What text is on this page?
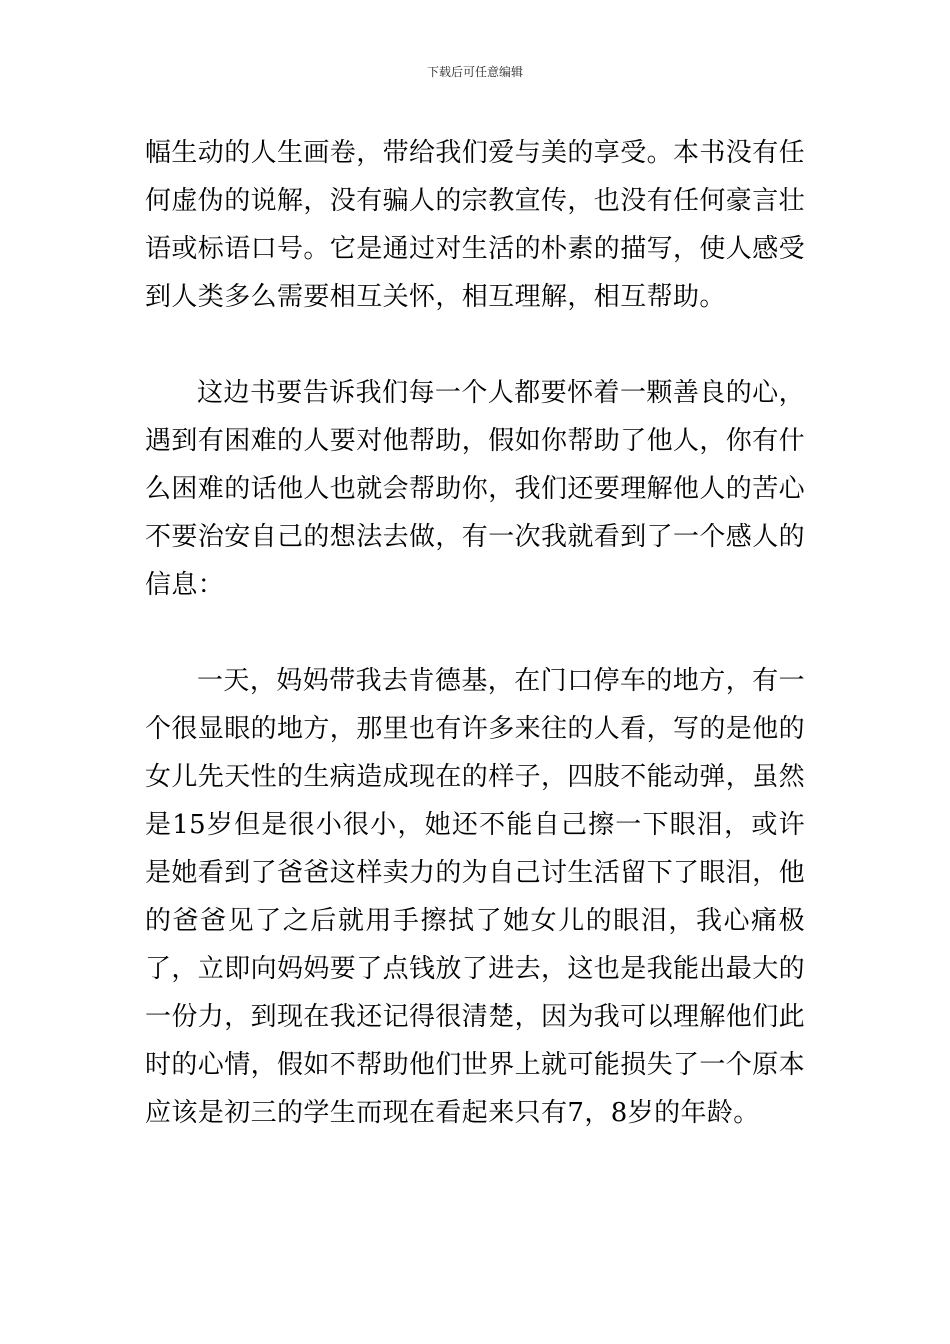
下载后可任意编辑

幅生动的人生画卷，带给我们爱与美的享受。本书没有任何虚伪的说解，没有骗人的宗教宣传，也没有任何豪言壮语或标语口号。它是通过对生活的朴素的描写，使人感受到人类多么需要相互关怀，相互理解，相互帮助。

这边书要告诉我们每一个人都要怀着一颗善良的心，遇到有困难的人要对他帮助，假如你帮助了他人，你有什么困难的话他人也就会帮助你，我们还要理解他人的苦心不要治安自己的想法去做，有一次我就看到了一个感人的信息：

一天，妈妈带我去肯德基，在门口停车的地方，有一个很显眼的地方，那里也有许多来往的人看，写的是他的女儿先天性的生病造成现在的样子，四肢不能动弹，虽然是15岁但是很小很小，她还不能自己擦一下眼泪，或许是她看到了爸爸这样卖力的为自己讨生活留下了眼泪，他的爸爸见了之后就用手擦拭了她女儿的眼泪，我心痛极了，立即向妈妈要了点钱放了进去，这也是我能出最大的一份力，到现在我还记得很清楚，因为我可以理解他们此时的心情，假如不帮助他们世界上就可能损失了一个原本应该是初三的学生而现在看起来只有7，8岁的年龄。
